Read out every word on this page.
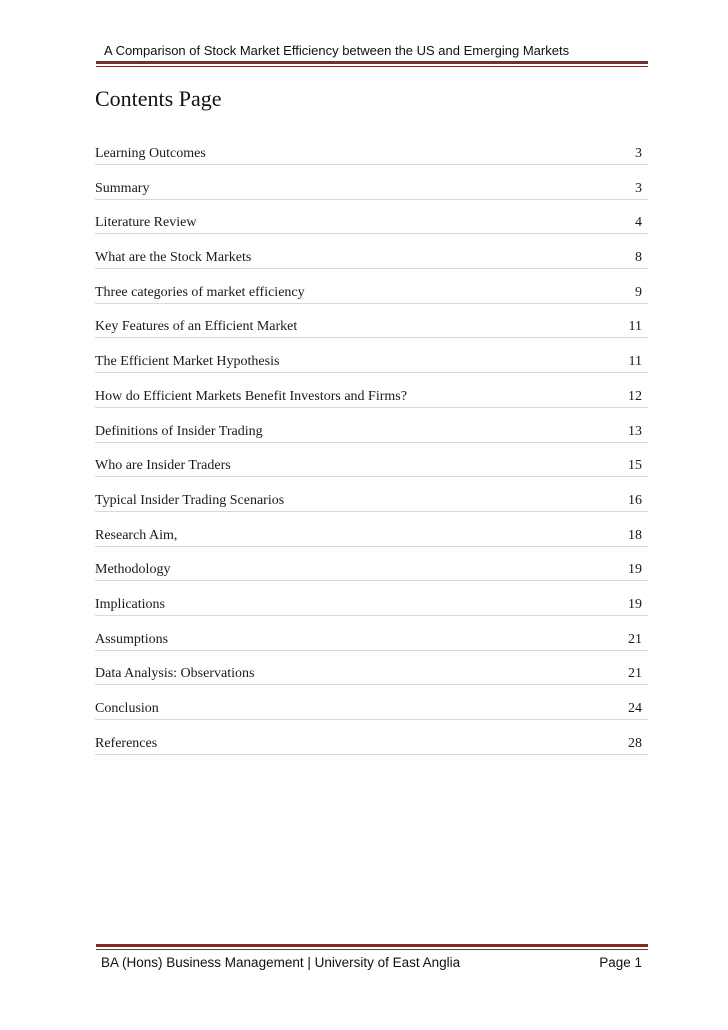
A Comparison of Stock Market Efficiency between the US and Emerging Markets
Contents Page
Learning Outcomes	3
Summary	3
Literature Review	4
What are the Stock Markets	8
Three categories of market efficiency	9
Key Features of an Efficient Market	11
The Efficient Market Hypothesis	11
How do Efficient Markets Benefit Investors and Firms?	12
Definitions of Insider Trading	13
Who are Insider Traders	15
Typical Insider Trading Scenarios	16
Research Aim,	18
Methodology	19
Implications	19
Assumptions	21
Data Analysis: Observations	21
Conclusion	24
References	28
BA (Hons) Business Management | University of East Anglia	Page 1
